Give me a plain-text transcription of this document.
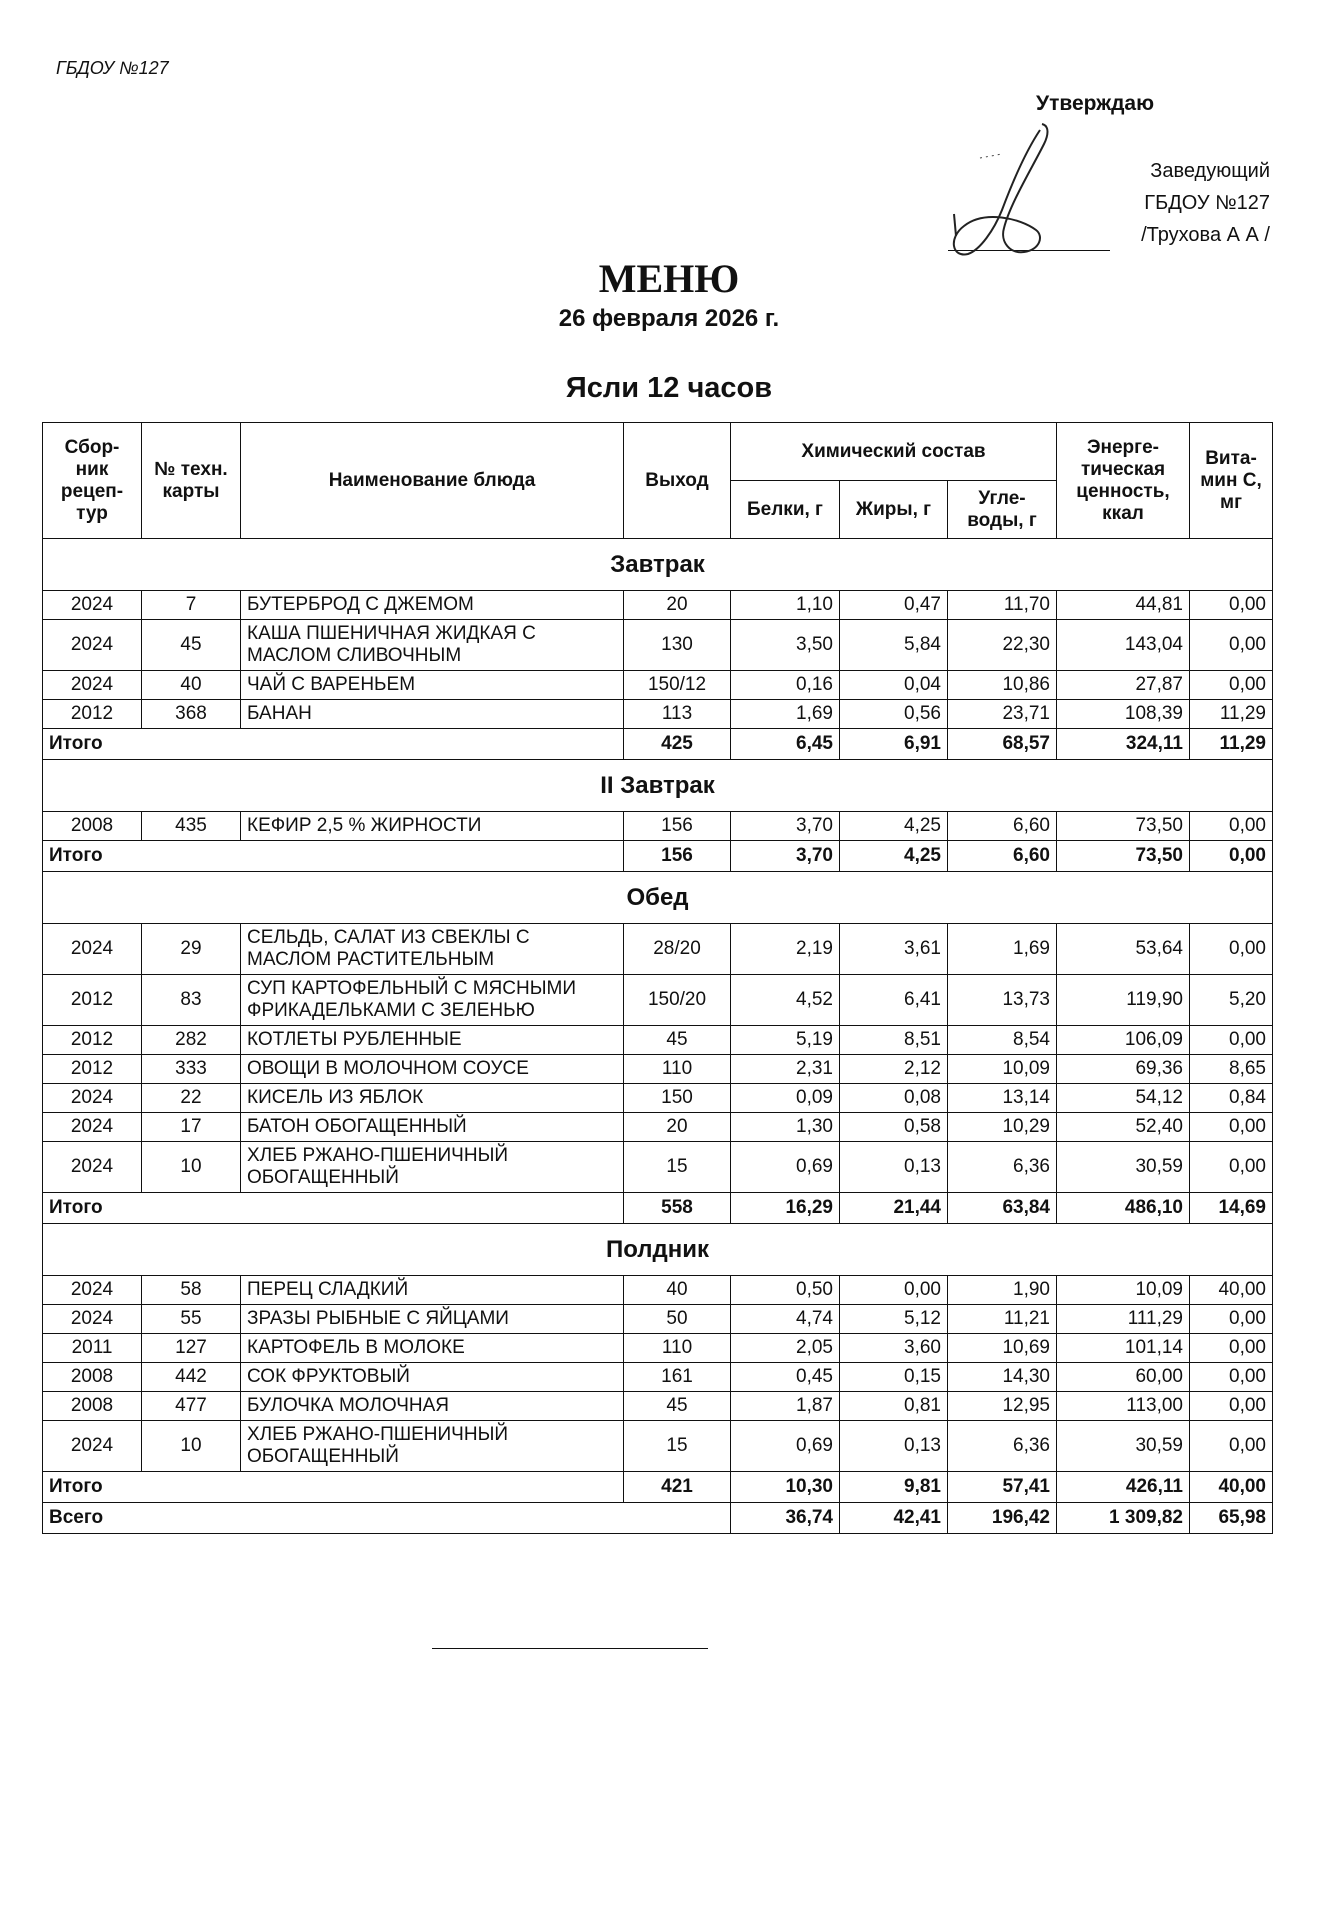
ГБДОУ №127
Утверждаю
Заведующий
ГБДОУ №127
/Трухова А А /
МЕНЮ
26 февраля 2026 г.
Ясли 12 часов
Сбор-ник рецеп-тур	№ техн. карты	Наименование блюда	Выход	Химический состав			Энерге-тическая ценность, ккал	Вита-мин С, мг
				Белки, г	Жиры, г	Угле-воды, г		
Завтрак								
2024	7	БУТЕРБРОД С ДЖЕМОМ	20	1,10	0,47	11,70	44,81	0,00
2024	45	КАША ПШЕНИЧНАЯ ЖИДКАЯ С МАСЛОМ СЛИВОЧНЫМ	130	3,50	5,84	22,30	143,04	0,00
2024	40	ЧАЙ С ВАРЕНЬЕМ	150/12	0,16	0,04	10,86	27,87	0,00
2012	368	БАНАН	113	1,69	0,56	23,71	108,39	11,29
Итого			425	6,45	6,91	68,57	324,11	11,29
II Завтрак								
2008	435	КЕФИР 2,5 % ЖИРНОСТИ	156	3,70	4,25	6,60	73,50	0,00
Итого			156	3,70	4,25	6,60	73,50	0,00
Обед								
2024	29	СЕЛЬДЬ, САЛАТ ИЗ СВЕКЛЫ С МАСЛОМ РАСТИТЕЛЬНЫМ	28/20	2,19	3,61	1,69	53,64	0,00
2012	83	СУП КАРТОФЕЛЬНЫЙ С МЯСНЫМИ ФРИКАДЕЛЬКАМИ С ЗЕЛЕНЬЮ	150/20	4,52	6,41	13,73	119,90	5,20
2012	282	КОТЛЕТЫ РУБЛЕННЫЕ	45	5,19	8,51	8,54	106,09	0,00
2012	333	ОВОЩИ В МОЛОЧНОМ СОУСЕ	110	2,31	2,12	10,09	69,36	8,65
2024	22	КИСЕЛЬ ИЗ ЯБЛОК	150	0,09	0,08	13,14	54,12	0,84
2024	17	БАТОН ОБОГАЩЕННЫЙ	20	1,30	0,58	10,29	52,40	0,00
2024	10	ХЛЕБ РЖАНО-ПШЕНИЧНЫЙ ОБОГАЩЕННЫЙ	15	0,69	0,13	6,36	30,59	0,00
Итого			558	16,29	21,44	63,84	486,10	14,69
Полдник								
2024	58	ПЕРЕЦ СЛАДКИЙ	40	0,50	0,00	1,90	10,09	40,00
2024	55	ЗРАЗЫ РЫБНЫЕ С ЯЙЦАМИ	50	4,74	5,12	11,21	111,29	0,00
2011	127	КАРТОФЕЛЬ В МОЛОКЕ	110	2,05	3,60	10,69	101,14	0,00
2008	442	СОК ФРУКТОВЫЙ	161	0,45	0,15	14,30	60,00	0,00
2008	477	БУЛОЧКА МОЛОЧНАЯ	45	1,87	0,81	12,95	113,00	0,00
2024	10	ХЛЕБ РЖАНО-ПШЕНИЧНЫЙ ОБОГАЩЕННЫЙ	15	0,69	0,13	6,36	30,59	0,00
Итого			421	10,30	9,81	57,41	426,11	40,00
Всего				36,74	42,41	196,42	1 309,82	65,98
